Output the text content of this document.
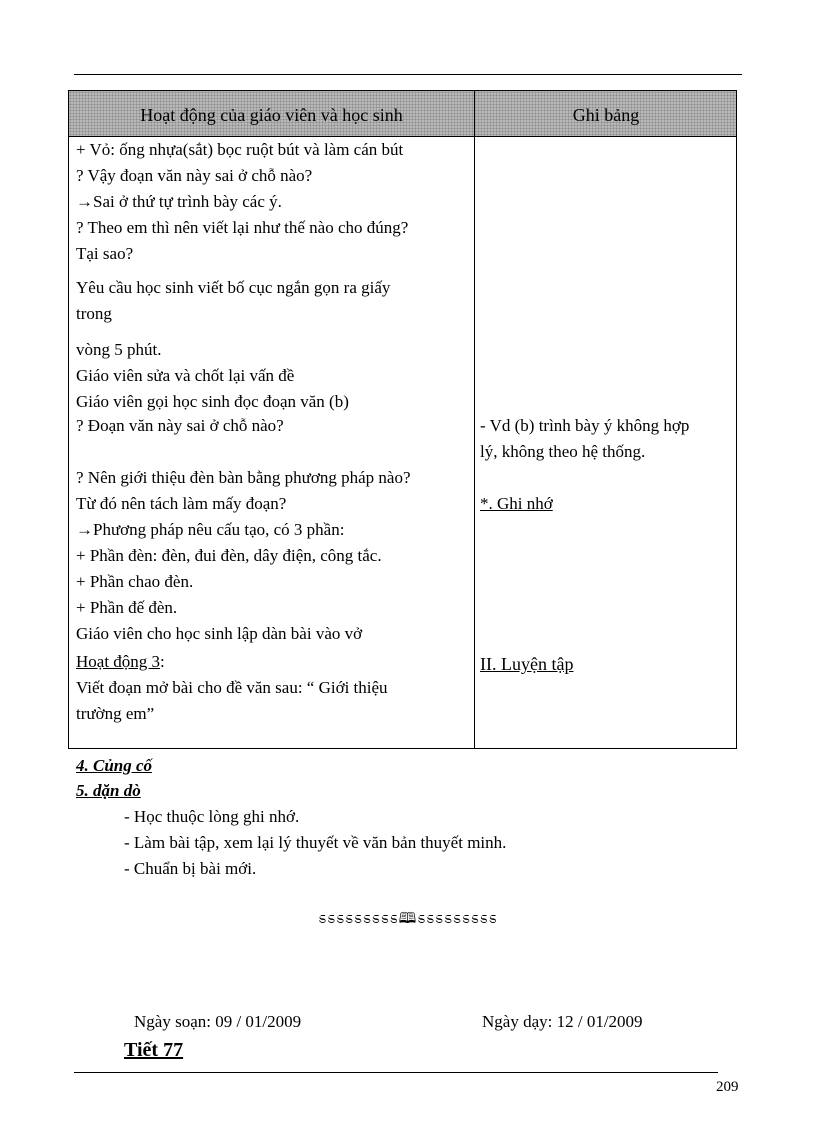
Hoạt động của giáo viên và học sinh	Ghi bảng
+ Vỏ: ống nhựa(sắt) bọc ruột bút và làm cán bút
? Vậy đoạn văn này sai ở chỗ nào?
→Sai ở thứ tự trình bày các ý.
? Theo em thì nên viết lại như thế nào cho đúng?
Tại sao?
Yêu cầu học sinh viết bố cục ngắn gọn ra giấy
trong
vòng 5 phút.
Giáo viên sửa và chốt lại vấn đề
Giáo viên gọi học sinh đọc đoạn văn (b)
? Đoạn văn này sai ở chỗ nào?
? Nên giới thiệu đèn bàn bằng phương pháp nào?
Từ đó nên tách làm mấy đoạn?
→Phương pháp nêu cấu tạo, có 3 phần:
+ Phần đèn: đèn, đui đèn, dây điện, công tắc.
+ Phần chao đèn.
+ Phần đế đèn.
Giáo viên cho học sinh lập dàn bài vào vở
Hoạt động 3:
Viết đoạn mở bài cho đề văn sau: “ Giới thiệu
trường em”
- Vd (b) trình bày ý không hợp
lý, không theo hệ thống.
*. Ghi nhớ
II. Luyện tập
4. Củng cố
5. dặn dò
- Học thuộc lòng ghi nhớ.
- Làm bài tập, xem lại lý thuyết về văn bản thuyết minh.
- Chuẩn bị bài mới.
ಽಽಽಽಽಽಽಽಽ🕮ಽಽಽಽಽಽಽಽಽ
Ngày soạn: 09 / 01/2009	Ngày dạy: 12 / 01/2009
Tiết 77
209
